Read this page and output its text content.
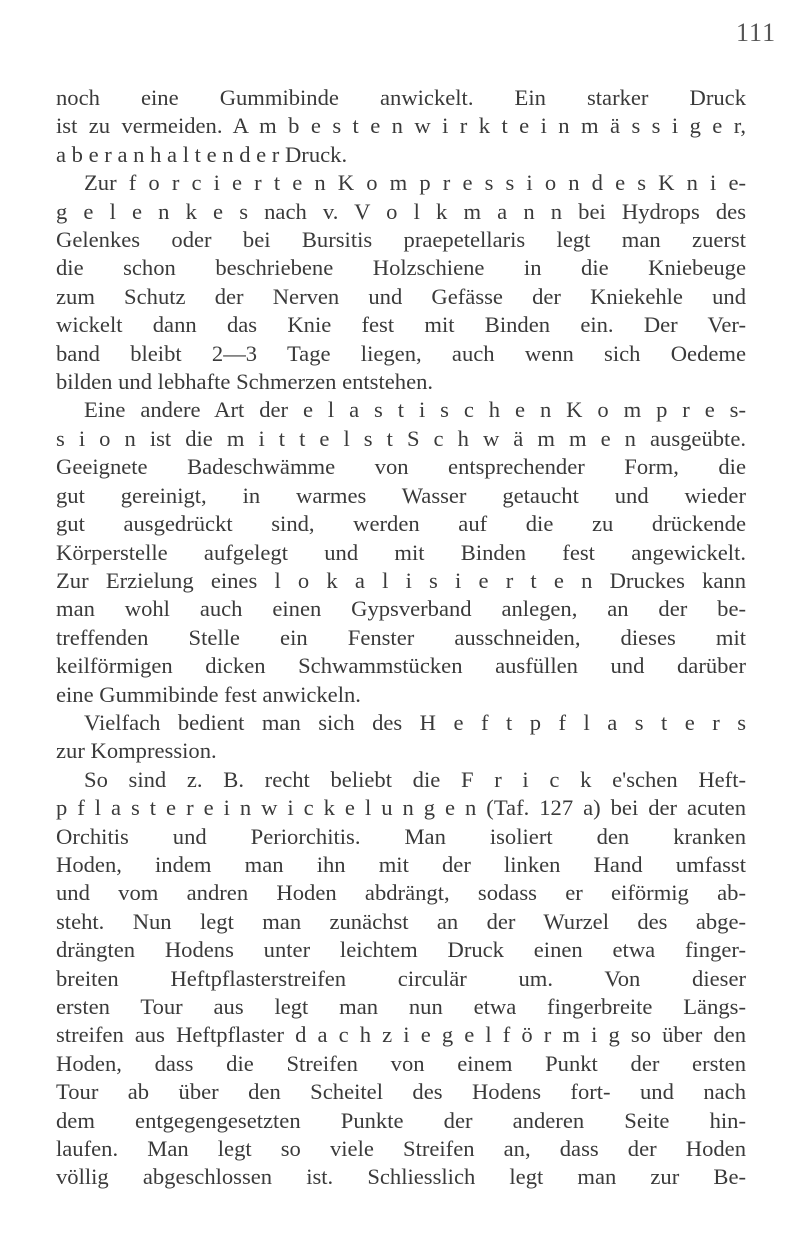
111
noch eine Gummibinde anwickelt. Ein starker Druck
ist zu vermeiden. A m b e s t e n w i r k t e i n m ä s s i g e r,
a b e r a n h a l t e n d e r Druck.
Zur f o r c i e r t e n K o m p r e s s i o n d e s K n i e-
g e l e n k e s nach v. V o l k m a n n bei Hydrops des
Gelenkes oder bei Bursitis praepetellaris legt man zuerst
die schon beschriebene Holzschiene in die Kniebeuge
zum Schutz der Nerven und Gefässe der Kniekehle und
wickelt dann das Knie fest mit Binden ein. Der Ver-
band bleibt 2—3 Tage liegen, auch wenn sich Oedeme
bilden und lebhafte Schmerzen entstehen.
Eine andere Art der e l a s t i s c h e n K o m p r e s-
s i o n ist die m i t t e l s t S c h w ä m m e n ausgeübte.
Geeignete Badeschwämme von entsprechender Form, die
gut gereinigt, in warmes Wasser getaucht und wieder
gut ausgedrückt sind, werden auf die zu drückende
Körperstelle aufgelegt und mit Binden fest angewickelt.
Zur Erzielung eines l o k a l i s i e r t e n Druckes kann
man wohl auch einen Gypsverband anlegen, an der be-
treffenden Stelle ein Fenster ausschneiden, dieses mit
keilförmigen dicken Schwammstücken ausfüllen und darüber
eine Gummibinde fest anwickeln.
Vielfach bedient man sich des H e f t p f l a s t e r s
zur Kompression.
So sind z. B. recht beliebt die F r i c k e'schen Heft-
p f l a s t e r e i n w i c k e l u n g e n (Taf. 127 a) bei der acuten
Orchitis und Periorchitis. Man isoliert den kranken
Hoden, indem man ihn mit der linken Hand umfasst
und vom andren Hoden abdrängt, sodass er eiförmig ab-
steht. Nun legt man zunächst an der Wurzel des abge-
drängten Hodens unter leichtem Druck einen etwa finger-
breiten Heftpflasterstreifen circulär um. Von dieser
ersten Tour aus legt man nun etwa fingerbreite Längs-
streifen aus Heftpflaster d a c h z i e g e l f ö r m i g so über den
Hoden, dass die Streifen von einem Punkt der ersten
Tour ab über den Scheitel des Hodens fort- und nach
dem entgegengesetzten Punkte der anderen Seite hin-
laufen. Man legt so viele Streifen an, dass der Hoden
völlig abgeschlossen ist. Schliesslich legt man zur Be-
